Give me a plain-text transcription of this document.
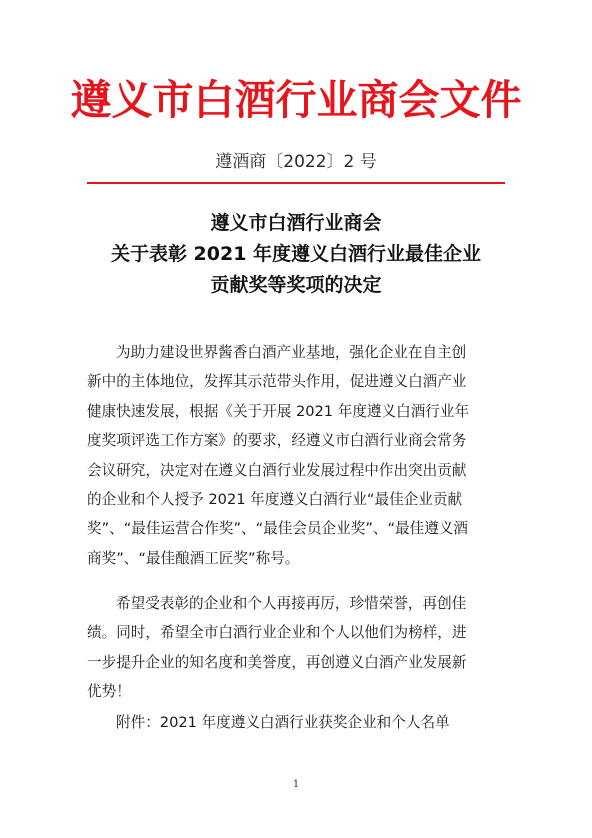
遵义市白酒行业商会文件
遵酒商〔2022〕2 号
遵义市白酒行业商会
关于表彰 2021 年度遵义白酒行业最佳企业
贡献奖等奖项的决定
为助力建设世界酱香白酒产业基地，强化企业在自主创
新中的主体地位，发挥其示范带头作用，促进遵义白酒产业
健康快速发展，根据《关于开展 2021 年度遵义白酒行业年
度奖项评选工作方案》的要求，经遵义市白酒行业商会常务
会议研究，决定对在遵义白酒行业发展过程中作出突出贡献
的企业和个人授予 2021 年度遵义白酒行业“最佳企业贡献
奖”、“最佳运营合作奖”、“最佳会员企业奖”、“最佳遵义酒
商奖”、“最佳酿酒工匠奖”称号。
希望受表彰的企业和个人再接再厉，珍惜荣誉，再创佳
绩。同时，希望全市白酒行业企业和个人以他们为榜样，进
一步提升企业的知名度和美誉度，再创遵义白酒产业发展新
优势！
附件：2021 年度遵义白酒行业获奖企业和个人名单
1
